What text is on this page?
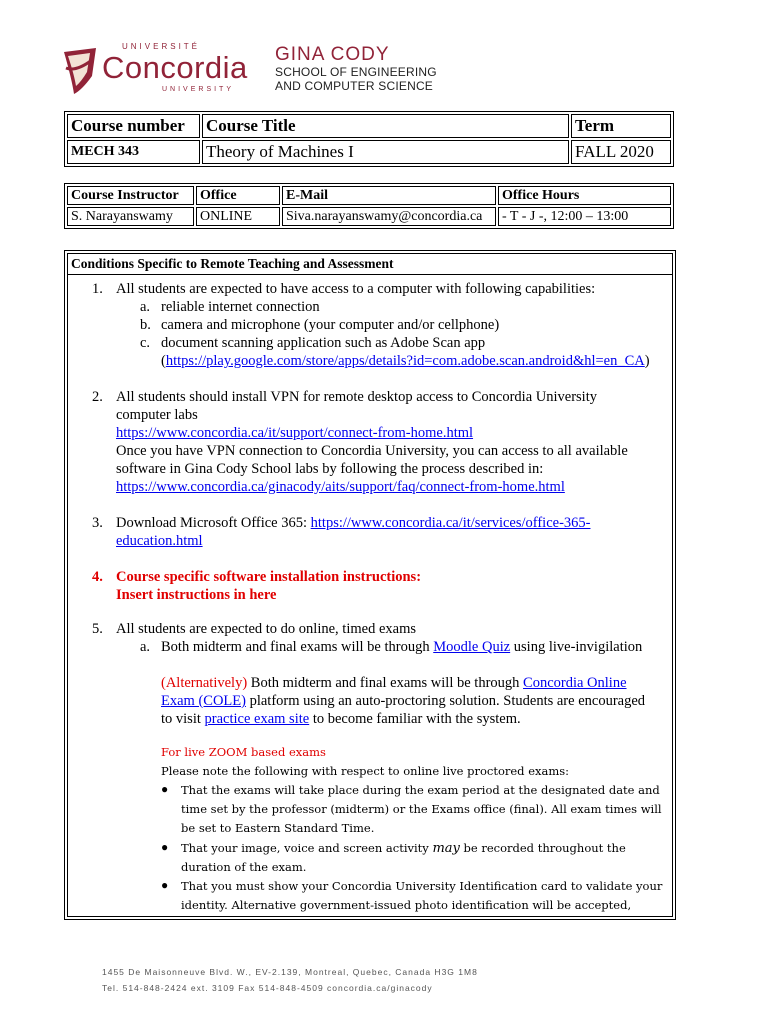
UNIVERSITÉ
Concordia
UNIVERSITY
GINA CODY
SCHOOL OF ENGINEERING
AND COMPUTER SCIENCE
Course number	Course Title	Term
MECH 343	Theory of Machines I	FALL 2020
Course Instructor	Office	E-Mail	Office Hours
S. Narayanswamy	ONLINE	Siva.narayanswamy@concordia.ca	- T - J -, 12:00 – 13:00
Conditions Specific to Remote Teaching and Assessment
1. All students are expected to have access to a computer with following capabilities:
a. reliable internet connection
b. camera and microphone (your computer and/or cellphone)
c. document scanning application such as Adobe Scan app
(https://play.google.com/store/apps/details?id=com.adobe.scan.android&hl=en_CA)
2. All students should install VPN for remote desktop access to Concordia University
computer labs
https://www.concordia.ca/it/support/connect-from-home.html
Once you have VPN connection to Concordia University, you can access to all available
software in Gina Cody School labs by following the process described in:
https://www.concordia.ca/ginacody/aits/support/faq/connect-from-home.html
3. Download Microsoft Office 365: https://www.concordia.ca/it/services/office-365-
education.html
4. Course specific software installation instructions:
Insert instructions in here
5. All students are expected to do online, timed exams
a. Both midterm and final exams will be through Moodle Quiz using live-invigilation
(Alternatively) Both midterm and final exams will be through Concordia Online
Exam (COLE) platform using an auto-proctoring solution. Students are encouraged
to visit practice exam site to become familiar with the system.
For live ZOOM based exams
Please note the following with respect to online live proctored exams:
● That the exams will take place during the exam period at the designated date and
time set by the professor (midterm) or the Exams office (final). All exam times will
be set to Eastern Standard Time.
● That your image, voice and screen activity may be recorded throughout the
duration of the exam.
● That you must show your Concordia University Identification card to validate your
identity. Alternative government-issued photo identification will be accepted,
1455 De Maisonneuve Blvd. W., EV-2.139, Montreal, Quebec, Canada H3G 1M8
Tel. 514-848-2424 ext. 3109 Fax 514-848-4509 concordia.ca/ginacody
